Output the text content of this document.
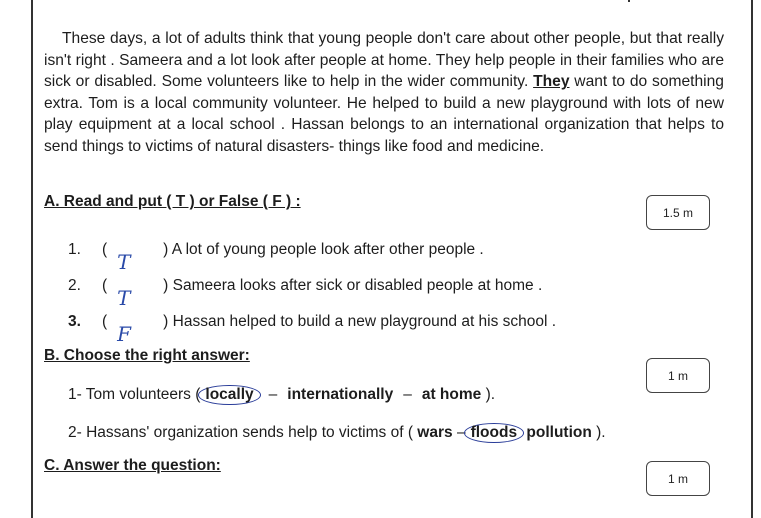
These days, a lot of adults think that young people don't care about other people, but that really isn't right . Sameera and a lot look after people at home. They help people in their families who are sick or disabled. Some volunteers like to help in the wider community. They want to do something extra. Tom is a local community volunteer. He helped to build a new playground with lots of new play equipment at a local school . Hassan belongs to an international organization that helps to send things to victims of natural disasters- things like food and medicine.

A. Read and put ( T ) or False ( F ) :
1.5 m
1. (
T
) A lot of young people look after other people .
2. (
T
) Sameera looks after sick or disabled people at home .
3. (
F
) Hassan helped to build a new playground at his school .
B. Choose the right answer:
1 m
1- Tom volunteers ( locally – internationally – at home ).
2- Hassans' organization sends help to victims of ( wars – floods pollution ).
C. Answer the question:
1 m
